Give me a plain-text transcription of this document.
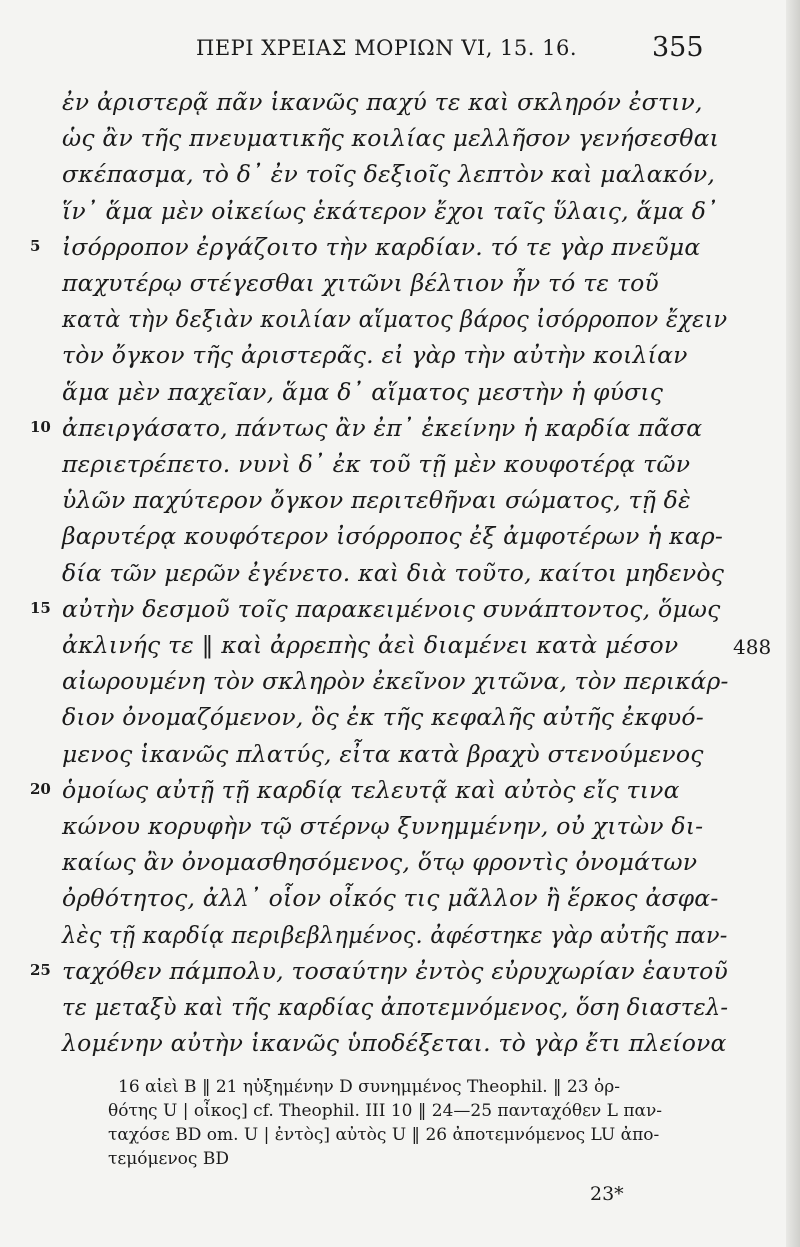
ΠΕΡΙ ΧΡΕΙΑΣ ΜΟΡΙΩΝ VI, 15. 16.	355
ἐν ἀριστερᾷ πᾶν ἱκανῶς παχύ τε καὶ σκληρόν ἐστιν,
ὡς ἂν τῆς πνευματικῆς κοιλίας μελλῆσον γενήσεσθαι
σκέπασμα, τὸ δ᾽ ἐν τοῖς δεξιοῖς λεπτὸν καὶ μαλακόν,
ἵν᾽ ἅμα μὲν οἰκείως ἑκάτερον ἔχοι ταῖς ὕλαις, ἅμα δ᾽
5 ἰσόρροπον ἐργάζοιτο τὴν καρδίαν. τό τε γὰρ πνεῦμα
παχυτέρῳ στέγεσθαι χιτῶνι βέλτιον ἦν τό τε τοῦ
κατὰ τὴν δεξιὰν κοιλίαν αἵματος βάρος ἰσόρροπον ἔχειν
τὸν ὄγκον τῆς ἀριστερᾶς. εἰ γὰρ τὴν αὐτὴν κοιλίαν
ἅμα μὲν παχεῖαν, ἅμα δ᾽ αἵματος μεστὴν ἡ φύσις
10 ἀπειργάσατο, πάντως ἂν ἐπ᾽ ἐκείνην ἡ καρδία πᾶσα
περιετρέπετο. νυνὶ δ᾽ ἐκ τοῦ τῇ μὲν κουφοτέρᾳ τῶν
ὑλῶν παχύτερον ὄγκον περιτεθῆναι σώματος, τῇ δὲ
βαρυτέρᾳ κουφότερον ἰσόρροπος ἐξ ἀμφοτέρων ἡ καρ-
δία τῶν μερῶν ἐγένετο. καὶ διὰ τοῦτο, καίτοι μηδενὸς
15 αὐτὴν δεσμοῦ τοῖς παρακειμένοις συνάπτοντος, ὅμως
ἀκλινής τε ‖ καὶ ἀρρεπὴς ἀεὶ διαμένει κατὰ μέσον	488
αἰωρουμένη τὸν σκληρὸν ἐκεῖνον χιτῶνα, τὸν περικάρ-
διον ὀνομαζόμενον, ὃς ἐκ τῆς κεφαλῆς αὐτῆς ἐκφυό-
μενος ἱκανῶς πλατύς, εἶτα κατὰ βραχὺ στενούμενος
20 ὁμοίως αὐτῇ τῇ καρδίᾳ τελευτᾷ καὶ αὐτὸς εἴς τινα
κώνου κορυφὴν τῷ στέρνῳ ξυνημμένην, οὐ χιτὼν δι-
καίως ἂν ὀνομασθησόμενος, ὅτῳ φροντὶς ὀνομάτων
ὀρθότητος, ἀλλ᾽ οἷον οἶκός τις μᾶλλον ἢ ἕρκος ἀσφα-
λὲς τῇ καρδίᾳ περιβεβλημένος. ἀφέστηκε γὰρ αὐτῆς παν-
25 ταχόθεν πάμπολυ, τοσαύτην ἐντὸς εὐρυχωρίαν ἑαυτοῦ
τε μεταξὺ καὶ τῆς καρδίας ἀποτεμνόμενος, ὅση διαστελ-
λομένην αὐτὴν ἱκανῶς ὑποδέξεται. τὸ γὰρ ἔτι πλείονα
16 αἰεὶ B ‖ 21 ηὐξημένην D συνημμένος Theophil. ‖ 23 ὀρ-
θότης U | οἶκος] cf. Theophil. III 10 ‖ 24—25 πανταχόθεν L παν-
ταχόσε BD om. U | ἐντὸς] αὐτὸς U ‖ 26 ἀποτεμνόμενος LU ἀπο-
τεμόμενος BD
23*
